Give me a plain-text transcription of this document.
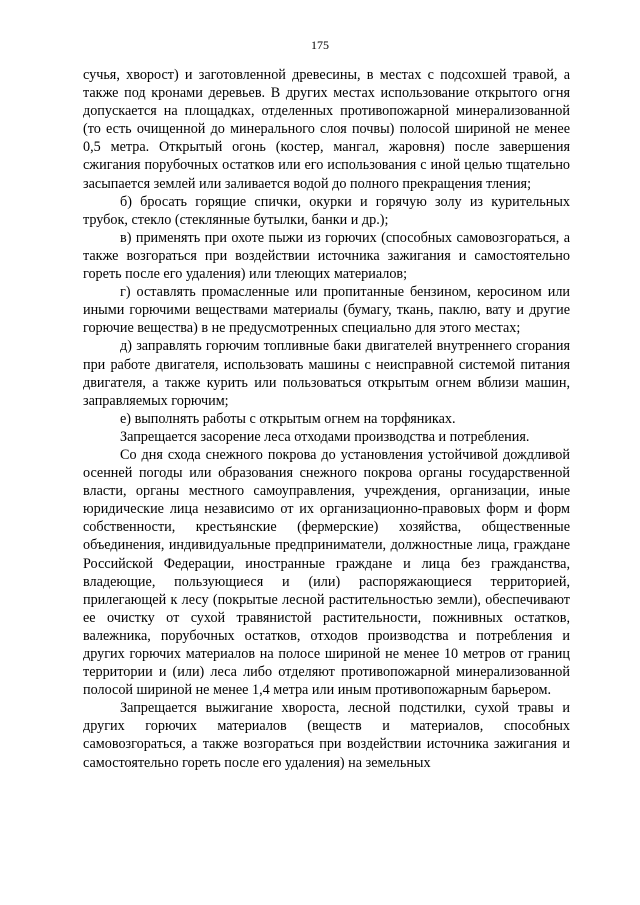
175

сучья, хворост) и заготовленной древесины, в местах с подсохшей травой, а также под кронами деревьев. В других местах использование открытого огня допускается на площадках, отделенных противопожарной минерализованной (то есть очищенной до минерального слоя почвы) полосой шириной не менее 0,5 метра. Открытый огонь (костер, мангал, жаровня) после завершения сжигания порубочных остатков или его использования с иной целью тщательно засыпается землей или заливается водой до полного прекращения тления;

б) бросать горящие спички, окурки и горячую золу из курительных трубок, стекло (стеклянные бутылки, банки и др.);

в) применять при охоте пыжи из горючих (способных самовозгораться, а также возгораться при воздействии источника зажигания и самостоятельно гореть после его удаления) или тлеющих материалов;

г) оставлять промасленные или пропитанные бензином, керосином или иными горючими веществами материалы (бумагу, ткань, паклю, вату и другие горючие вещества) в не предусмотренных специально для этого местах;

д) заправлять горючим топливные баки двигателей внутреннего сгорания при работе двигателя, использовать машины с неисправной системой питания двигателя, а также курить или пользоваться открытым огнем вблизи машин, заправляемых горючим;

е) выполнять работы с открытым огнем на торфяниках.

Запрещается засорение леса отходами производства и потребления.

Со дня схода снежного покрова до установления устойчивой дождливой осенней погоды или образования снежного покрова органы государственной власти, органы местного самоуправления, учреждения, организации, иные юридические лица независимо от их организационно-правовых форм и форм собственности, крестьянские (фермерские) хозяйства, общественные объединения, индивидуальные предприниматели, должностные лица, граждане Российской Федерации, иностранные граждане и лица без гражданства, владеющие, пользующиеся и (или) распоряжающиеся территорией, прилегающей к лесу (покрытые лесной растительностью земли), обеспечивают ее очистку от сухой травянистой растительности, пожнивных остатков, валежника, порубочных остатков, отходов производства и потребления и других горючих материалов на полосе шириной не менее 10 метров от границ территории и (или) леса либо отделяют противопожарной минерализованной полосой шириной не менее 1,4 метра или иным противопожарным барьером.

Запрещается выжигание хвороста, лесной подстилки, сухой травы и других горючих материалов (веществ и материалов, способных самовозгораться, а также возгораться при воздействии источника зажигания и самостоятельно гореть после его удаления) на земельных
